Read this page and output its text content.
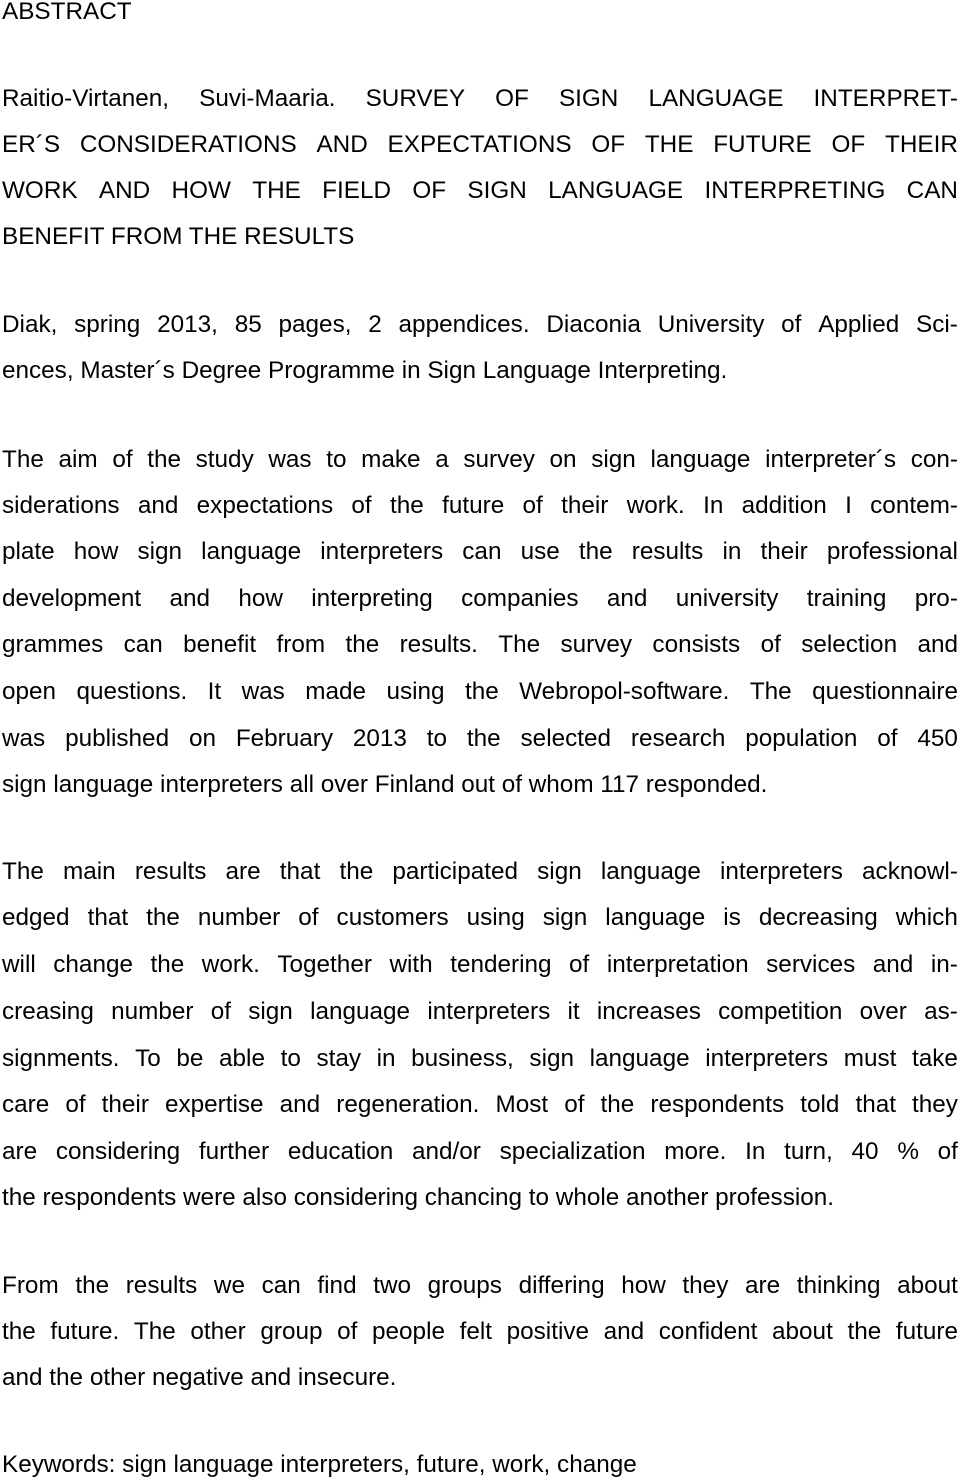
ABSTRACT
Raitio-Virtanen, Suvi-Maaria. SURVEY OF SIGN LANGUAGE INTERPRET-
ER´S CONSIDERATIONS AND EXPECTATIONS OF THE FUTURE OF THEIR
WORK AND HOW THE FIELD OF SIGN LANGUAGE INTERPRETING CAN
BENEFIT FROM THE RESULTS
Diak, spring 2013, 85 pages, 2 appendices. Diaconia University of Applied Sci-
ences, Master´s Degree Programme in Sign Language Interpreting.
The aim of the study was to make a survey on sign language interpreter´s con-
siderations and expectations of the future of their work. In addition I contem-
plate how sign language interpreters can use the results in their professional
development and how interpreting companies and university training pro-
grammes can benefit from the results. The survey consists of selection and
open questions. It was made using the Webropol-software. The questionnaire
was published on February 2013 to the selected research population of 450
sign language interpreters all over Finland out of whom 117 responded.
The main results are that the participated sign language interpreters acknowl-
edged that the number of customers using sign language is decreasing which
will change the work. Together with tendering of interpretation services and in-
creasing number of sign language interpreters it increases competition over as-
signments. To be able to stay in business, sign language interpreters must take
care of their expertise and regeneration. Most of the respondents told that they
are considering further education and/or specialization more. In turn, 40 % of
the respondents were also considering chancing to whole another profession.
From the results we can find two groups differing how they are thinking about
the future. The other group of people felt positive and confident about the future
and the other negative and insecure.
Keywords: sign language interpreters, future, work, change
